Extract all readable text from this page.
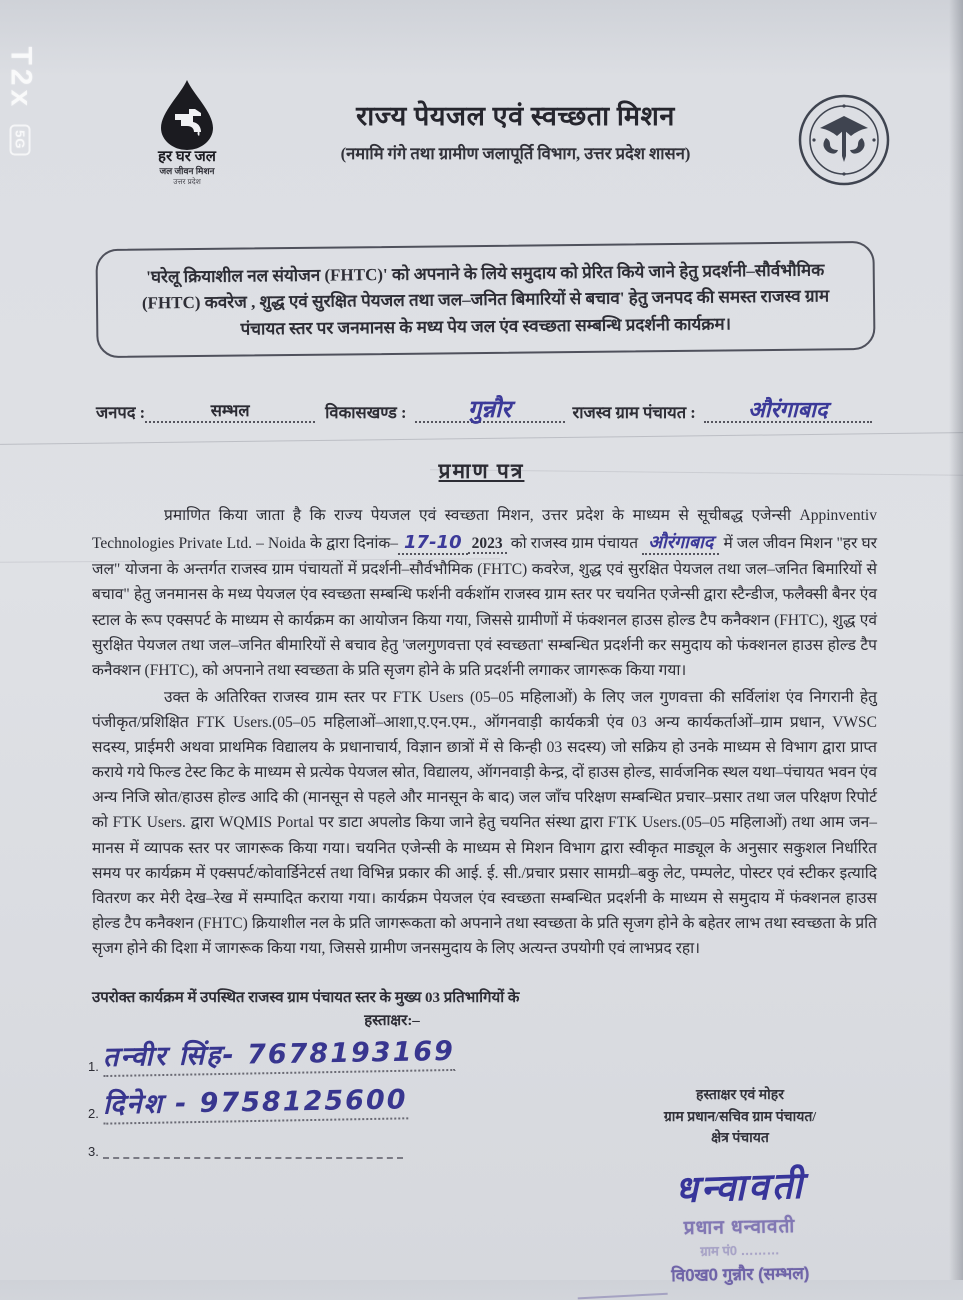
T2x
5G
हर घर जल
जल जीवन मिशन
उत्तर प्रदेश
राज्य पेयजल एवं स्वच्छता मिशन
(नमामि गंगे तथा ग्रामीण जलापूर्ति विभाग, उत्तर प्रदेश शासन)
'घरेलू क्रियाशील नल संयोजन (FHTC)' को अपनाने के लिये समुदाय को प्रेरित किये जाने हेतु प्रदर्शनी–सौर्वभौमिक (FHTC) कवरेज , शुद्ध एवं सुरक्षित पेयजल तथा जल–जनित बिमारियों से बचाव' हेतु जनपद की समस्त राजस्व ग्राम पंचायत स्तर पर जनमानस के मध्य पेय जल एंव स्वच्छता सम्बन्धि प्रदर्शनी कार्यक्रम।
जनपद :	सम्भल	विकासखण्ड :	गुन्नौर	राजस्व ग्राम पंचायत :	औरंगाबाद
प्रमाण पत्र

प्रमाणित किया जाता है कि राज्य पेयजल एवं स्वच्छता मिशन, उत्तर प्रदेश के माध्यम से सूचीबद्ध एजेन्सी Appinventiv Technologies Private Ltd. – Noida के द्वारा दिनांक– 17-10 2023 को राजस्व ग्राम पंचायत औरंगाबाद में जल जीवन मिशन "हर घर जल" योजना के अन्तर्गत राजस्व ग्राम पंचायतों में प्रदर्शनी–सौर्वभौमिक (FHTC) कवरेज, शुद्ध एवं सुरक्षित पेयजल तथा जल–जनित बिमारियों से बचाव" हेतु जनमानस के मध्य पेयजल एंव स्वच्छता सम्बन्धि फर्शनी वर्कशॉम राजस्व ग्राम स्तर पर चयनित एजेन्सी द्वारा स्टैन्डीज, फलैक्सी बैनर एंव स्टाल के रूप एक्सपर्ट के माध्यम से कार्यक्रम का आयोजन किया गया, जिससे ग्रामीणों में फंक्शनल हाउस होल्ड टैप कनैक्शन (FHTC), शुद्ध एवं सुरक्षित पेयजल तथा जल–जनित बीमारियों से बचाव हेतु 'जलगुणवत्ता एवं स्वच्छता' सम्बन्धित प्रदर्शनी कर समुदाय को फंक्शनल हाउस होल्ड टैप कनैक्शन (FHTC), को अपनाने तथा स्वच्छता के प्रति सृजग होने के प्रति प्रदर्शनी लगाकर जागरूक किया गया।

उक्त के अतिरिक्त राजस्व ग्राम स्तर पर FTK Users (05–05 महिलाओं) के लिए जल गुणवत्ता की सर्विलांश एंव निगरानी हेतु पंजीकृत/प्रशिक्षित FTK Users.(05–05 महिलाओं–आशा,ए.एन.एम., ऑगनवाड़ी कार्यकत्री एंव 03 अन्य कार्यकर्ताओं–ग्राम प्रधान, VWSC सदस्य, प्राईमरी अथवा प्राथमिक विद्यालय के प्रधानाचार्य, विज्ञान छात्रों में से किन्ही 03 सदस्य) जो सक्रिय हो उनके माध्यम से विभाग द्वारा प्राप्त कराये गये फिल्ड टेस्ट किट के माध्यम से प्रत्येक पेयजल स्रोत, विद्यालय, ऑगनवाड़ी केन्द्र, दों हाउस होल्ड, सार्वजनिक स्थल यथा–पंचायत भवन एंव अन्य निजि स्रोत/हाउस होल्ड आदि की (मानसून से पहले और मानसून के बाद) जल जाँच परिक्षण सम्बन्धित प्रचार–प्रसार तथा जल परिक्षण रिपोर्ट को FTK Users. द्वारा WQMIS Portal पर डाटा अपलोड किया जाने हेतु चयनित संस्था द्वारा FTK Users.(05–05 महिलाओं) तथा आम जन–मानस में व्यापक स्तर पर जागरूक किया गया। चयनित एजेन्सी के माध्यम से मिशन विभाग द्वारा स्वीकृत माड्यूल के अनुसार सकुशल निर्धारित समय पर कार्यक्रम में एक्सपर्ट/कोवार्डिनेटर्स तथा विभिन्न प्रकार की आई. ई. सी./प्रचार प्रसार सामग्री–बकु लेट, पम्पलेट, पोस्टर एवं स्टीकर इत्यादि वितरण कर मेरी देख–रेख में सम्पादित कराया गया। कार्यक्रम पेयजल एंव स्वच्छता सम्बन्धित प्रदर्शनी के माध्यम से समुदाय में फंक्शनल हाउस होल्ड टैप कनैक्शन (FHTC) क्रियाशील नल के प्रति जागरूकता को अपनाने तथा स्वच्छता के प्रति सृजग होने के बहेतर लाभ तथा स्वच्छता के प्रति सृजग होने की दिशा में जागरूक किया गया, जिससे ग्रामीण जनसमुदाय के लिए अत्यन्त उपयोगी एवं लाभप्रद रहा।

उपरोक्त कार्यक्रम में उपस्थित राजस्व ग्राम पंचायत स्तर के मुख्य 03 प्रतिभागियों के
हस्ताक्षर:–
1. तन्वीर सिंह- 7678193169
2. दिनेश - 9758125600
3.
हस्ताक्षर एवं मोहर
ग्राम प्रधान/सचिव ग्राम पंचायत/
क्षेत्र पंचायत
धन्वावती
प्रधान धन्वावती
ग्राम पं0 ………
वि0ख0 गुन्नौर (सम्भल)
